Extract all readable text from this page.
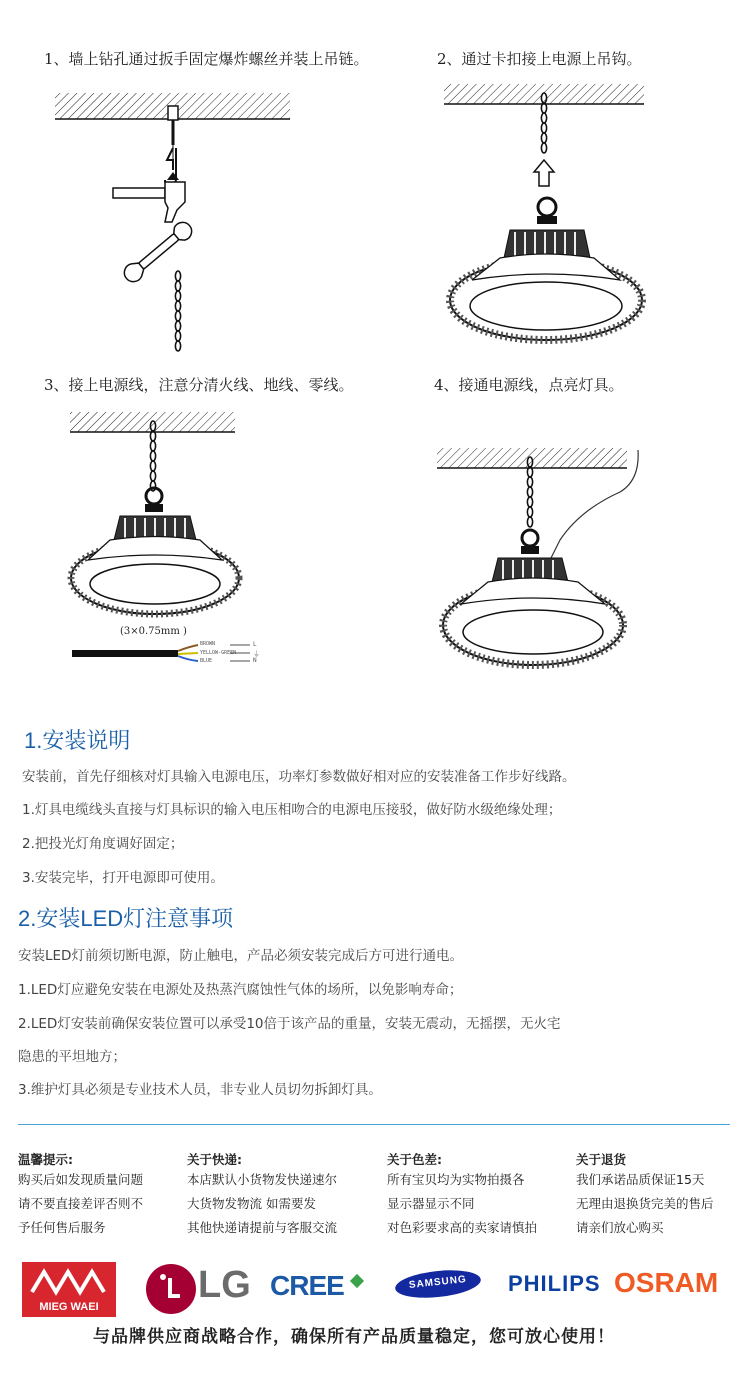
1、墙上钻孔通过扳手固定爆炸螺丝并装上吊链。	2、通过卡扣接上电源上吊钩。
3、接上电源线，注意分清火线、地线、零线。	4、接通电源线，点亮灯具。
(3×0.75mm )
BROWN
YELLOW-GREEN
BLUE
L
⏚
N
1.安装说明
安装前，首先仔细核对灯具输入电源电压，功率灯参数做好相对应的安装准备工作步好线路。
1.灯具电缆线头直接与灯具标识的输入电压相吻合的电源电压接驳，做好防水级绝缘处理；
2.把投光灯角度调好固定；
3.安装完毕，打开电源即可使用。
2.安装LED灯注意事项
安装LED灯前须切断电源，防止触电，产品必须安装完成后方可进行通电。
1.LED灯应避免安装在电源处及热蒸汽腐蚀性气体的场所，以免影响寿命；
2.LED灯安装前确保安装位置可以承受10倍于该产品的重量，安装无震动，无摇摆，无火宅
隐患的平坦地方；
3.维护灯具必须是专业技术人员，非专业人员切勿拆卸灯具。
温馨提示:
购买后如发现质量问题
请不要直接差评否则不
予任何售后服务
关于快递:
本店默认小货物发快递速尔
大货物发物流 如需要发
其他快递请提前与客服交流
关于色差:
所有宝贝均为实物拍摄各
显示器显示不同
对色彩要求高的卖家请慎拍
关于退货
我们承诺品质保证15天
无理由退换货完美的售后
请亲们放心购买
MIEG WAEI
LG CREE	SAMSUNG	PHILIPS OSRAM
与品牌供应商战略合作，确保所有产品质量稳定，您可放心使用！
